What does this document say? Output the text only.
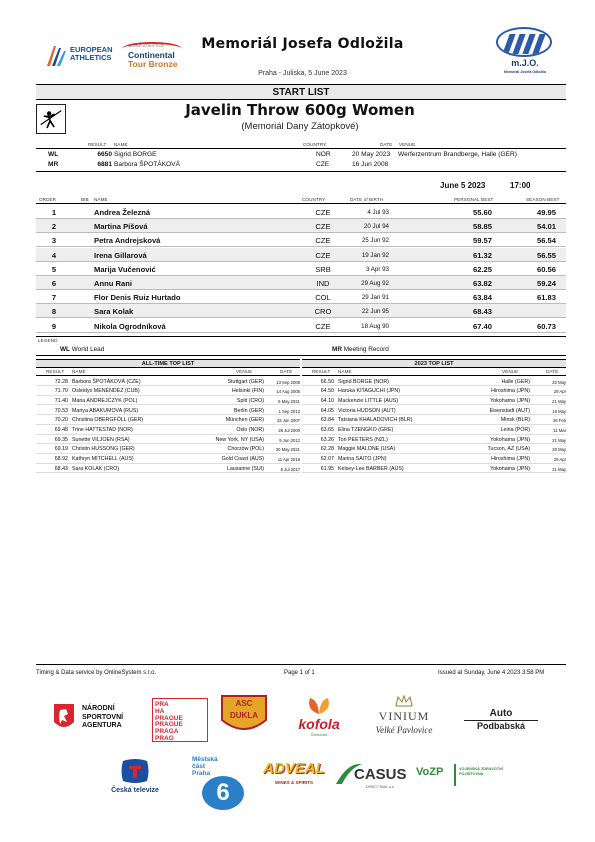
EUROPEAN
ATHLETICS
WORLD ATHLETICS
Continental
Tour Bronze
Memoriál Josefa Odložila
Praha - Juliska, 5 June 2023
m.J.O.
Memoriál Josefa Odložila
START LIST
Javelin Throw 600g Women
(Memoriál Dany Zátopkové)
RESULT NAME	COUNTRY	DATE VENUE
WL	6650 Sigrid BORGE	NOR	20 May 2023 Werferzentrum Brandberge, Halle (GER)
MR	6881 Barbora ŠPOTÁKOVÁ	CZE	16 Jun 2008
June 5 2023	17:00
ORDER	BIB NAME	COUNTRY	DATE of BIRTH	PERSONAL BEST	SEASON BEST
1	Andrea Železná	CZE	4 Jul 93	55.60	49.95
2	Martina Píšová	CZE	20 Jul 94	58.85	54.01
3	Petra Andrejsková	CZE	25 Jun 92	59.57	56.54
4	Irena Gillarová	CZE	19 Jan 92	61.32	56.55
5	Marija Vučenović	SRB	3 Apr 93	62.25	60.56
6	Annu Rani	IND	29 Aug 92	63.82	59.24
7	Flor Denis Ruiz Hurtado	COL	29 Jan 91	63.84	61.83
8	Sara Kolak	CRO	22 Jun 95	68.43
9	Nikola Ogrodníková	CZE	18 Aug 90	67.40	60.73
LEGEND
WL World Lead	MR Meeting Record
ALL-TIME TOP LIST
RESULT NAME	VENUE	DATE
72.28 Barbora ŠPOTÁKOVÁ (CZE)	Stuttgart (GER)	13 Sep 2008
71.70 Osleidys MENÉNDEZ (CUB)	Helsinki (FIN)	14 Aug 2005
71.40 Maria ANDREJCZYK (POL)	Split (CRO)	9 May 2021
70.53 Mariya ABAKUMOVA (RUS)	Berlin (GER)	1 Sep 2013
70.20 Christina OBERGFÖLL (GER)	München (GER)	23 Jun 2007
69.48 Trine HATTESTAD (NOR)	Oslo (NOR)	28 Jul 2000
69.35 Sunette VILJOEN (RSA)	New York, NY (USA)	9 Jun 2012
69.19 Christin HUSSONG (GER)	Chorzów (POL)	30 May 2021
68.92 Kathryn MITCHELL (AUS)	Gold Coast (AUS)	11 Apr 2018
68.43 Sara KOLAK (CRO)	Lausanne (SUI)	6 Jul 2017
2023 TOP LIST
RESULT NAME	VENUE	DATE
66.50 Sigrid BORGE (NOR)	Halle (GER)	20 May
64.50 Haruka KITAGUCHI (JPN)	Hiroshima (JPN)	29 Apr
64.10 Mackenzie LITTLE (AUS)	Yokohama (JPN)	21 May
64.05 Victoria HUDSON (AUT)	Eisenstadt (AUT)	16 May
63.84 Tatsiana KHALADOVICH (BLR)	Minsk (BLR)	26 Feb
63.65 Elina TZENGKO (GRE)	Leiria (POR)	11 Mar
63.26 Tori PEETERS (NZL)	Yokohama (JPN)	21 May
62.28 Maggie MALONE (USA)	Tucson, AZ (USA)	20 May
62.07 Marina SAITO (JPN)	Hiroshima (JPN)	29 Apr
61.95 Kelsey-Lee BARBER (AUS)	Yokohama (JPN)	21 May
Timing & Data service by OnlineSystem s.r.o.	Page 1 of 1	Issued at Sunday, June 4 2023 3:58 PM
NÁRODNÍ
SPORTOVNÍ
AGENTURA
PRA
HA
PRAGUE
PRAGUE
PRAGA
PRAG
ASC
DUKLA
kofola
Čeříkovice
VINIUM
Velké Pavlovice
Auto
Podbabská
Česká televize
Městská
část
Praha
6
ADVEAL
WINES & SPIRITS	CASUS
DIRECT MAIL a.s.
VoZP	VOJENSKÁ ZDRAVOTNÍ POJIŠŤOVNA
